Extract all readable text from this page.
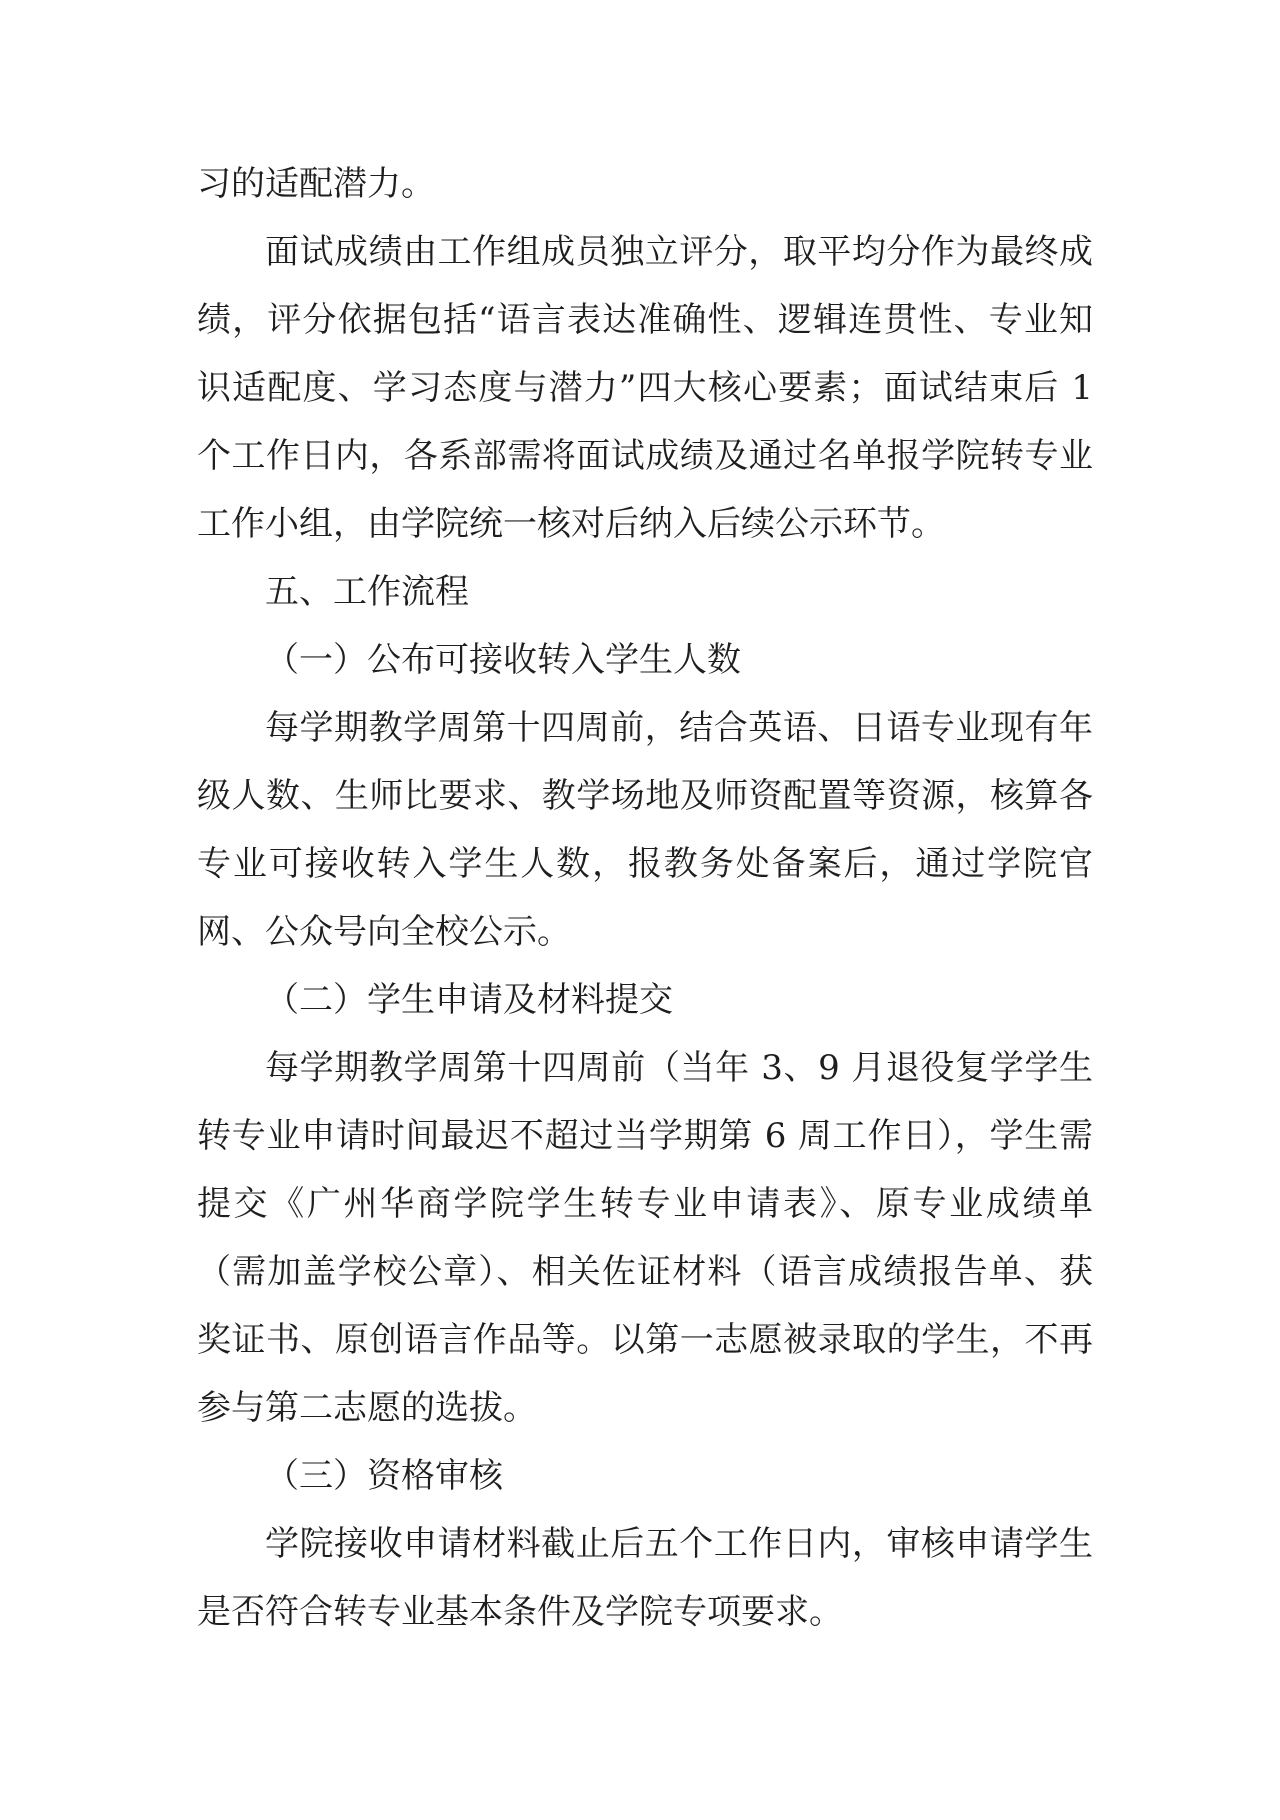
习的适配潜力。

面试成绩由工作组成员独立评分，取平均分作为最终成绩，评分依据包括“语言表达准确性、逻辑连贯性、专业知识适配度、学习态度与潜力”四大核心要素；面试结束后 1 个工作日内，各系部需将面试成绩及通过名单报学院转专业工作小组，由学院统一核对后纳入后续公示环节。

五、工作流程

（一）公布可接收转入学生人数

每学期教学周第十四周前，结合英语、日语专业现有年级人数、生师比要求、教学场地及师资配置等资源，核算各专业可接收转入学生人数，报教务处备案后，通过学院官网、公众号向全校公示。

（二）学生申请及材料提交

每学期教学周第十四周前（当年 3、9 月退役复学学生转专业申请时间最迟不超过当学期第 6 周工作日），学生需提交《广州华商学院学生转专业申请表》、原专业成绩单（需加盖学校公章）、相关佐证材料（语言成绩报告单、获奖证书、原创语言作品等。以第一志愿被录取的学生，不再参与第二志愿的选拔。

（三）资格审核

学院接收申请材料截止后五个工作日内，审核申请学生是否符合转专业基本条件及学院专项要求。
